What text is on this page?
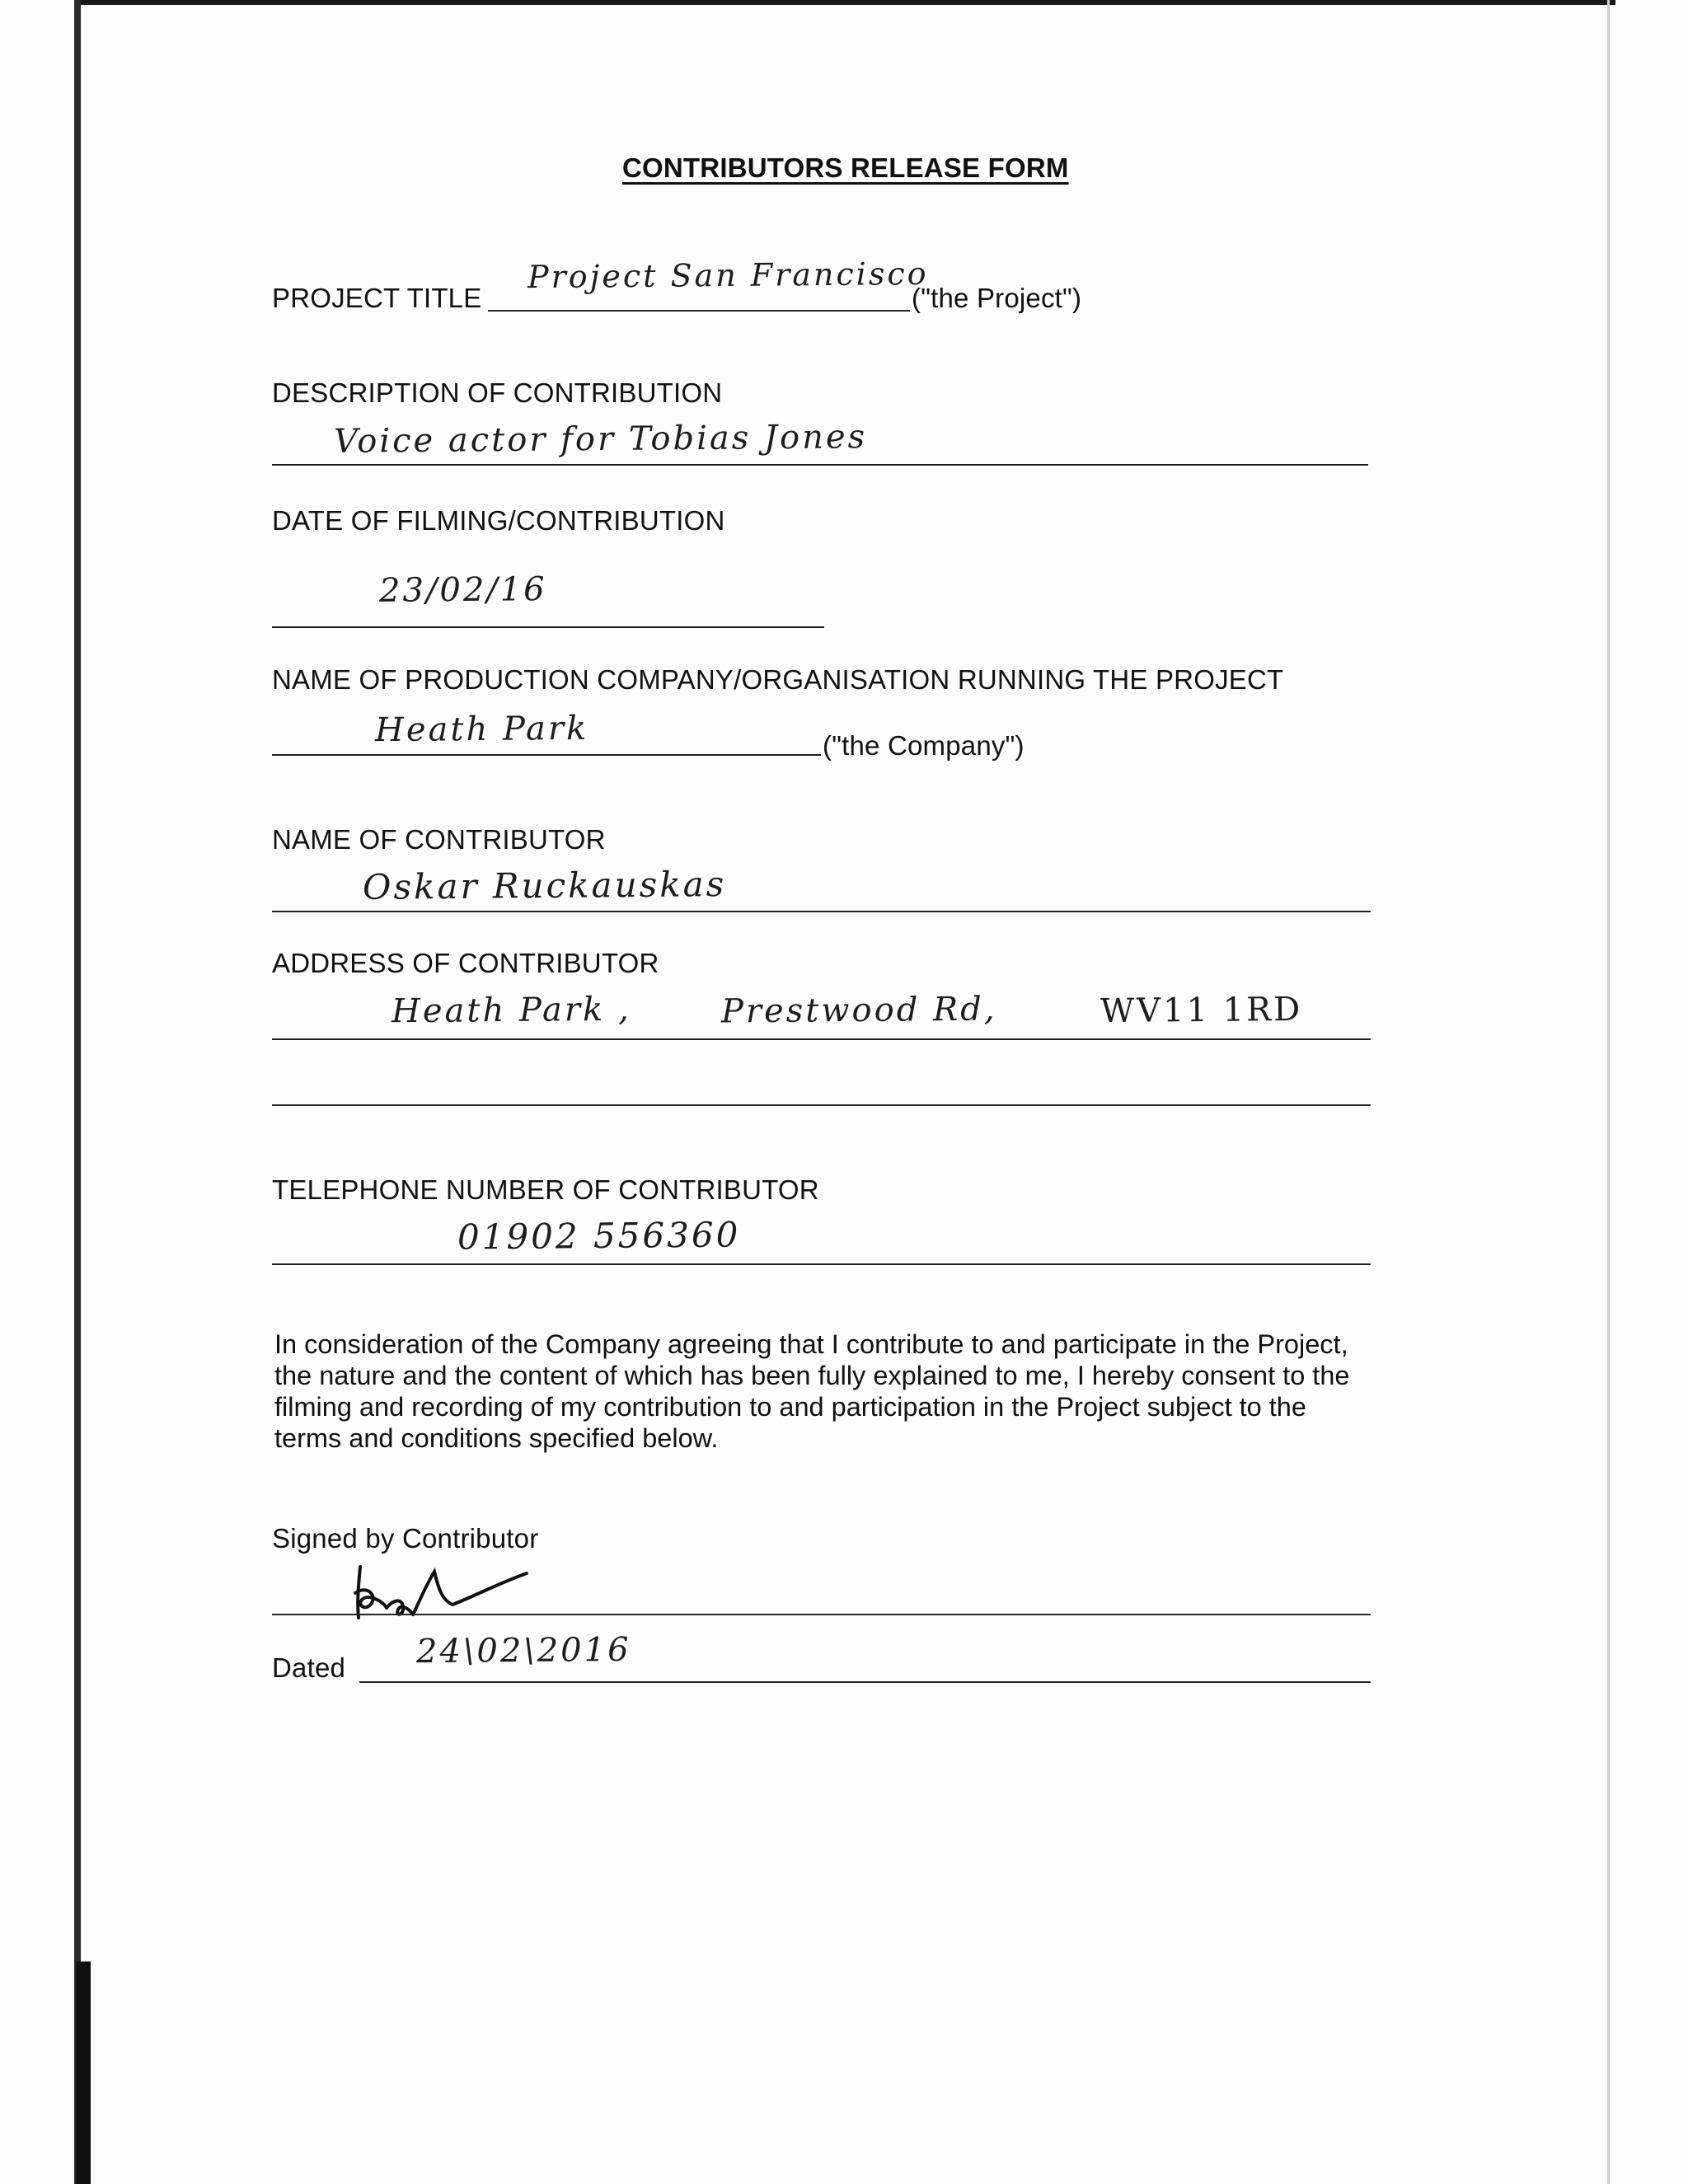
CONTRIBUTORS RELEASE FORM
PROJECT TITLE
Project San Francisco
("the Project")
DESCRIPTION OF CONTRIBUTION
Voice actor for Tobias Jones
DATE OF FILMING/CONTRIBUTION
23/02/16
NAME OF PRODUCTION COMPANY/ORGANISATION RUNNING THE PROJECT
Heath Park	("the Company")
NAME OF CONTRIBUTOR
Oskar Ruckauskas
ADDRESS OF CONTRIBUTOR
Heath Park ,	Prestwood Rd,	WV11 1RD
TELEPHONE NUMBER OF CONTRIBUTOR
01902 556360
In consideration of the Company agreeing that I contribute to and participate in the Project,
the nature and the content of which has been fully explained to me, I hereby consent to the
filming and recording of my contribution to and participation in the Project subject to the
terms and conditions specified below.
Signed by Contributor
Dated 24\02\2016
